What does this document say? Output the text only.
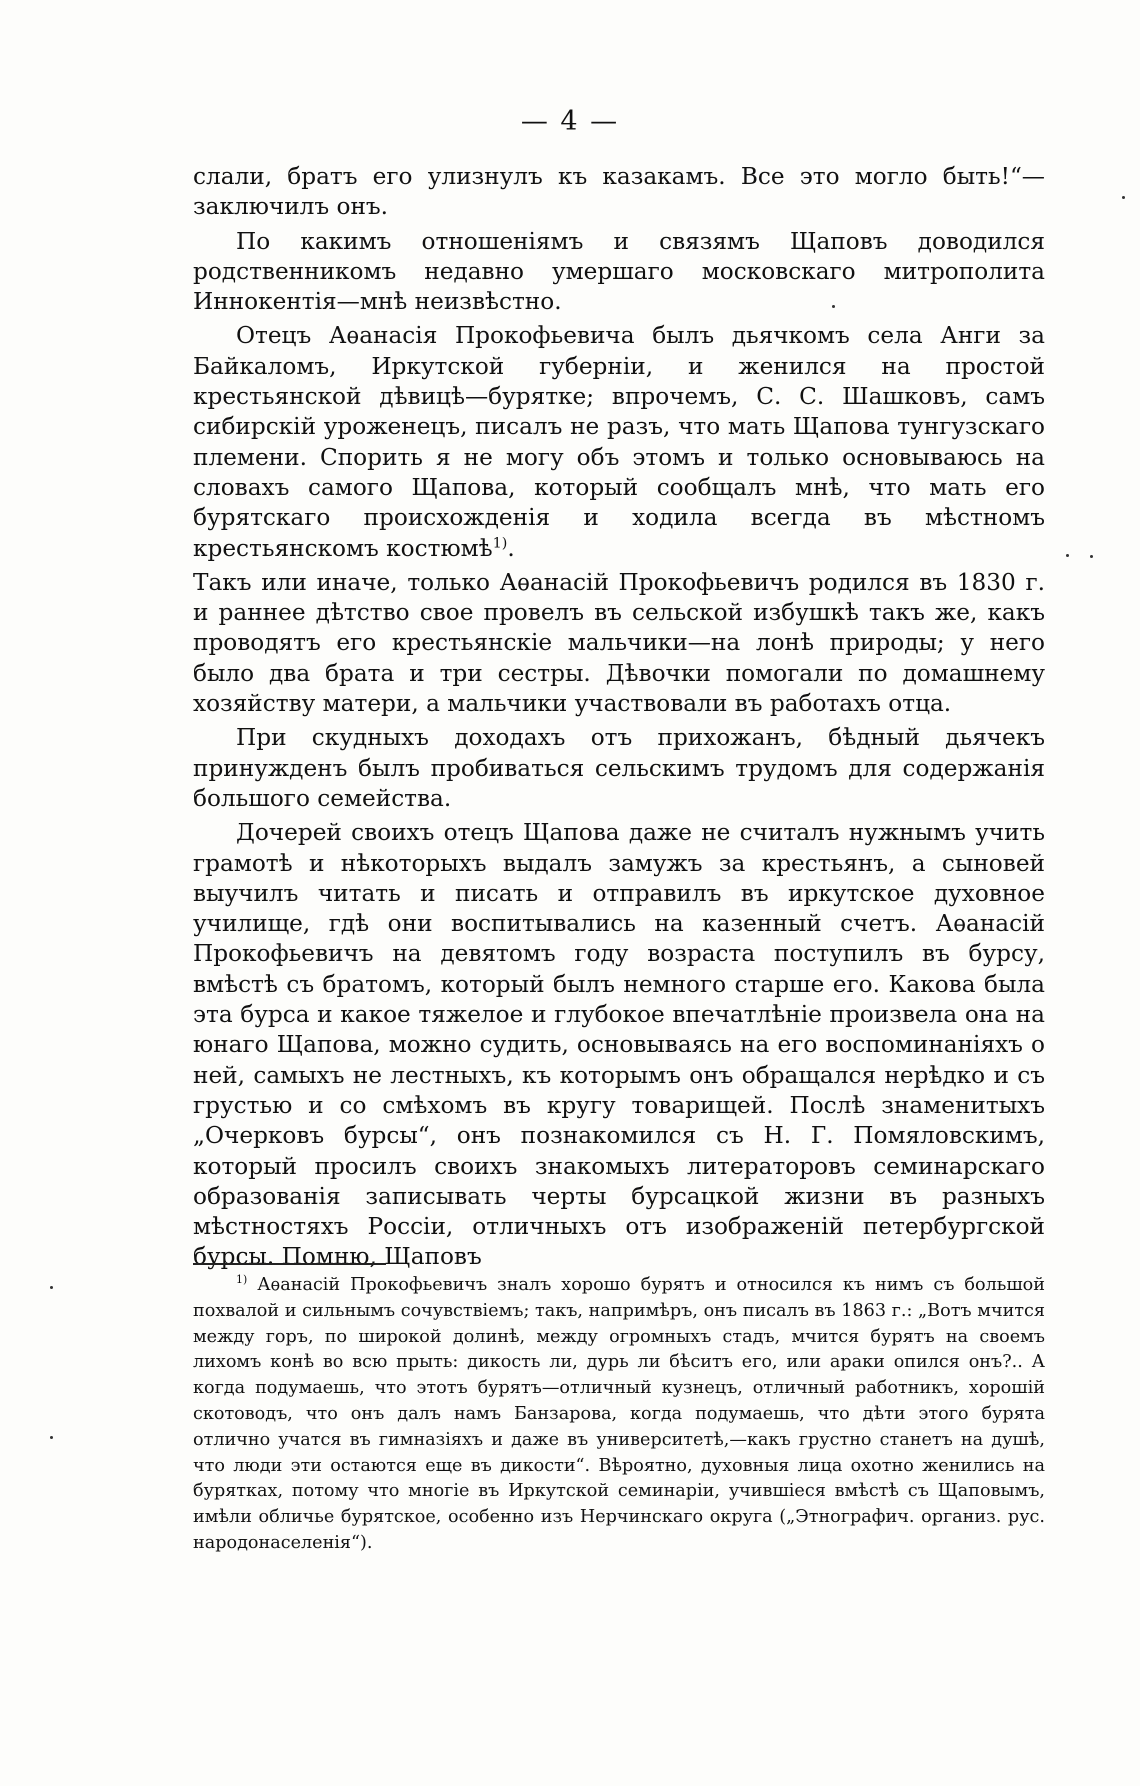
— 4 —

слали, братъ его улизнулъ къ казакамъ. Все это могло быть!“— заключилъ онъ.

По какимъ отношеніямъ и связямъ Щаповъ доводился родственникомъ недавно умершаго московскаго митрополита Иннокентія—мнѣ неизвѣстно.

Отецъ Аѳанасія Прокофьевича былъ дьячкомъ села Анги за Байкаломъ, Иркутской губерніи, и женился на простой крестьянской дѣвицѣ—бурятке; впрочемъ, С. С. Шашковъ, самъ сибирскій уроженецъ, писалъ не разъ, что мать Щапова тунгузскаго племени. Спорить я не могу объ этомъ и только основываюсь на словахъ самого Щапова, который сообщалъ мнѣ, что мать его бурятскаго происхожденія и ходила всегда въ мѣстномъ крестьянскомъ костюмѣ$^{1)}$.

Такъ или иначе, только Аѳанасій Прокофьевичъ родился въ 1830 г. и раннее дѣтство свое провелъ въ сельской избушкѣ такъ же, какъ проводятъ его крестьянскіе мальчики—на лонѣ природы; у него было два брата и три сестры. Дѣвочки помогали по домашнему хозяйству матери, а мальчики участвовали въ работахъ отца.

При скудныхъ доходахъ отъ прихожанъ, бѣдный дьячекъ принужденъ былъ пробиваться сельскимъ трудомъ для содержанія большого семейства.

Дочерей своихъ отецъ Щапова даже не считалъ нужнымъ учить грамотѣ и нѣкоторыхъ выдалъ замужъ за крестьянъ, а сыновей выучилъ читать и писать и отправилъ въ иркутское духовное училище, гдѣ они воспитывались на казенный счетъ. Аѳанасій Прокофьевичъ на девятомъ году возраста поступилъ въ бурсу, вмѣстѣ съ братомъ, который былъ немного старше его. Какова была эта бурса и какое тяжелое и глубокое впечатлѣніе произвела она на юнаго Щапова, можно судить, основываясь на его воспоминаніяхъ о ней, самыхъ не лестныхъ, къ которымъ онъ обращался нерѣдко и съ грустью и со смѣхомъ въ кругу товарищей. Послѣ знаменитыхъ „Очерковъ бурсы“, онъ познакомился съ Н. Г. Помяловскимъ, который просилъ своихъ знакомыхъ литераторовъ семинарскаго образованія записывать черты бурсацкой жизни въ разныхъ мѣстностяхъ Россіи, отличныхъ отъ изображеній петербургской бурсы. Помню, Щаповъ

$^{1)}$ Аѳанасій Прокофьевичъ зналъ хорошо бурятъ и относился къ нимъ съ большой похвалой и сильнымъ сочувствіемъ; такъ, напримѣръ, онъ писалъ въ 1863 г.: „Вотъ мчится между горъ, по широкой долинѣ, между огромныхъ стадъ, мчится бурятъ на своемъ лихомъ конѣ во всю прыть: дикость ли, дурь ли бѣситъ его, или араки опился онъ?.. А когда подумаешь, что этотъ бурятъ—отличный кузнецъ, отличный работникъ, хорошій скотоводъ, что онъ далъ намъ Банзарова, когда подумаешь, что дѣти этого бурята отлично учатся въ гимназіяхъ и даже въ университетѣ,—какъ грустно станетъ на душѣ, что люди эти остаются еще въ дикости“. Вѣроятно, духовныя лица охотно женились на бурятках, потому что многіе въ Иркутской семинаріи, учившіеся вмѣстѣ съ Щаповымъ, имѣли обличье бурятское, особенно изъ Нерчинскаго округа („Этнографич. организ. рус. народонаселенія“).
